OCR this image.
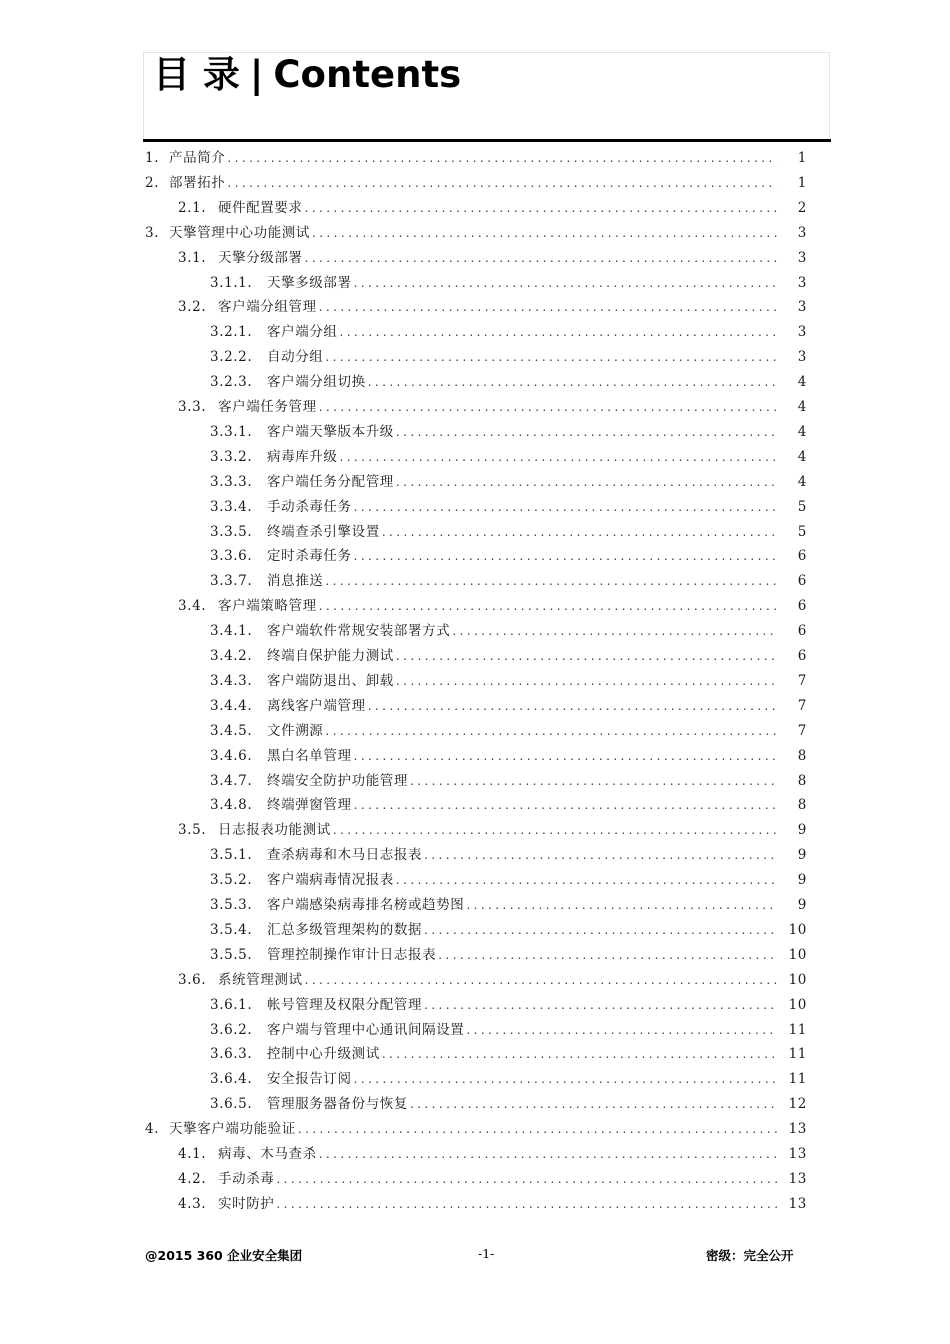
目 录 | Contents
1. 产品简介 .....	1
2. 部署拓扑 .....	1
2.1. 硬件配置要求 .....	2
3. 天擎管理中心功能测试 .....	3
3.1. 天擎分级部署 .....	3
3.1.1.	天擎多级部署 .....	3
3.2. 客户端分组管理 .....	3
3.2.1.	客户端分组 .....	3
3.2.2.	自动分组 .....	3
3.2.3.	客户端分组切换 .....	4
3.3. 客户端任务管理 .....	4
3.3.1.	客户端天擎版本升级 .....	4
3.3.2.	病毒库升级 .....	4
3.3.3.	客户端任务分配管理 .....	4
3.3.4.	手动杀毒任务 .....	5
3.3.5.	终端查杀引擎设置 .....	5
3.3.6.	定时杀毒任务 .....	6
3.3.7.	消息推送 .....	6
3.4. 客户端策略管理 .....	6
3.4.1.	客户端软件常规安装部署方式 .....	6
3.4.2.	终端自保护能力测试 .....	6
3.4.3.	客户端防退出、卸载 .....	7
3.4.4.	离线客户端管理 .....	7
3.4.5.	文件溯源 .....	7
3.4.6.	黑白名单管理 .....	8
3.4.7.	终端安全防护功能管理 .....	8
3.4.8.	终端弹窗管理 .....	8
3.5. 日志报表功能测试 .....	9
3.5.1.	查杀病毒和木马日志报表 .....	9
3.5.2.	客户端病毒情况报表 .....	9
3.5.3.	客户端感染病毒排名榜或趋势图 .....	9
3.5.4.	汇总多级管理架构的数据 .....	10
3.5.5.	管理控制操作审计日志报表 .....	10
3.6. 系统管理测试 .....	10
3.6.1.	帐号管理及权限分配管理 .....	10
3.6.2.	客户端与管理中心通讯间隔设置 .....	11
3.6.3.	控制中心升级测试 .....	11
3.6.4.	安全报告订阅 .....	11
3.6.5.	管理服务器备份与恢复 .....	12
4. 天擎客户端功能验证 .....	13
4.1. 病毒、木马查杀 .....	13
4.2. 手动杀毒 .....	13
4.3. 实时防护 .....	13
@2015 360 企业安全集团	-1-	密级：完全公开
